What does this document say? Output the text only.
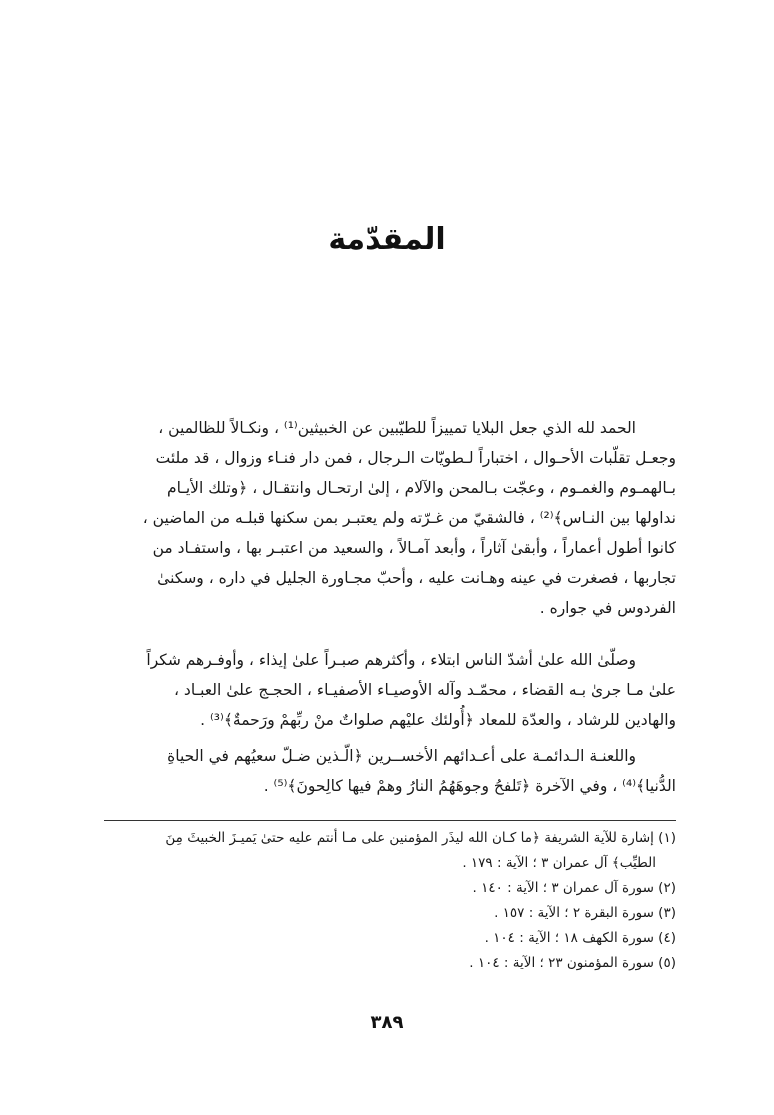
المقدّمة
الحمد لله الذي جعل البلايا تمييزاً للطيّبين عن الخبيثين⁽¹⁾ ، ونكـالاً للظالمين ،
وجعـل تقلّبات الأحـوال ، اختباراً لـطويّات الـرجال ، فمن دار فنـاء وزوال ، قد ملئت
بـالهمـوم والغمـوم ، وعجّت بـالمحن والآلام ، إلىٰ ارتحـال وانتقـال ، ﴿وتلك الأيـام
نداولها بين النـاس﴾⁽²⁾ ، فالشقيّ من غـرّته ولم يعتبـر بمن سكنها قبلـه من الماضين ،
كانوا أطول أعماراً ، وأبقىٰ آثاراً ، وأبعد آمـالاً ، والسعيد من اعتبـر بها ، واستفـاد من
تجاربها ، فصغرت في عينه وهـانت عليه ، وأحبّ مجـاورة الجليل في داره ، وسكنىٰ
الفردوس في جواره .
وصلّىٰ الله علىٰ أشدّ الناس ابتلاء ، وأكثرهم صبـراً علىٰ إيذاء ، وأوفـرهم شكراً
علىٰ مـا جرىٰ بـه القضاء ، محمّـد وآله الأوصيـاء الأصفيـاء ، الحجـج علىٰ العبـاد ،
والهادين للرشاد ، والعدّة للمعاد ﴿أُولئك عليْهم صلواتٌ منْ ربِّهمْ ورَحمةٌ﴾⁽³⁾ .
واللعنـة الـدائمـة على أعـدائهم الأخســرين ﴿الّـذين ضـلّ سعيُهم في الحياةِ
الدُّنيا﴾⁽⁴⁾ ، وفي الآخرة ﴿تَلفحُ وجوهَهُمُ النارُ وهمْ فيها كالِحونَ﴾⁽⁵⁾ .
(١) إشارة للآية الشريفة ﴿ما كـان الله ليذَر المؤمنين على مـا أنتم عليه حتىٰ يَميـزَ الخبيثَ مِنَ
الطيِّب﴾ آل عمران ٣ ؛ الآية : ١٧٩ .
(٢) سورة آل عمران ٣ ؛ الآية : ١٤٠ .
(٣) سورة البقرة ٢ ؛ الآية : ١٥٧ .
(٤) سورة الكهف ١٨ ؛ الآية : ١٠٤ .
(٥) سورة المؤمنون ٢٣ ؛ الآية : ١٠٤ .
٣٨٩
